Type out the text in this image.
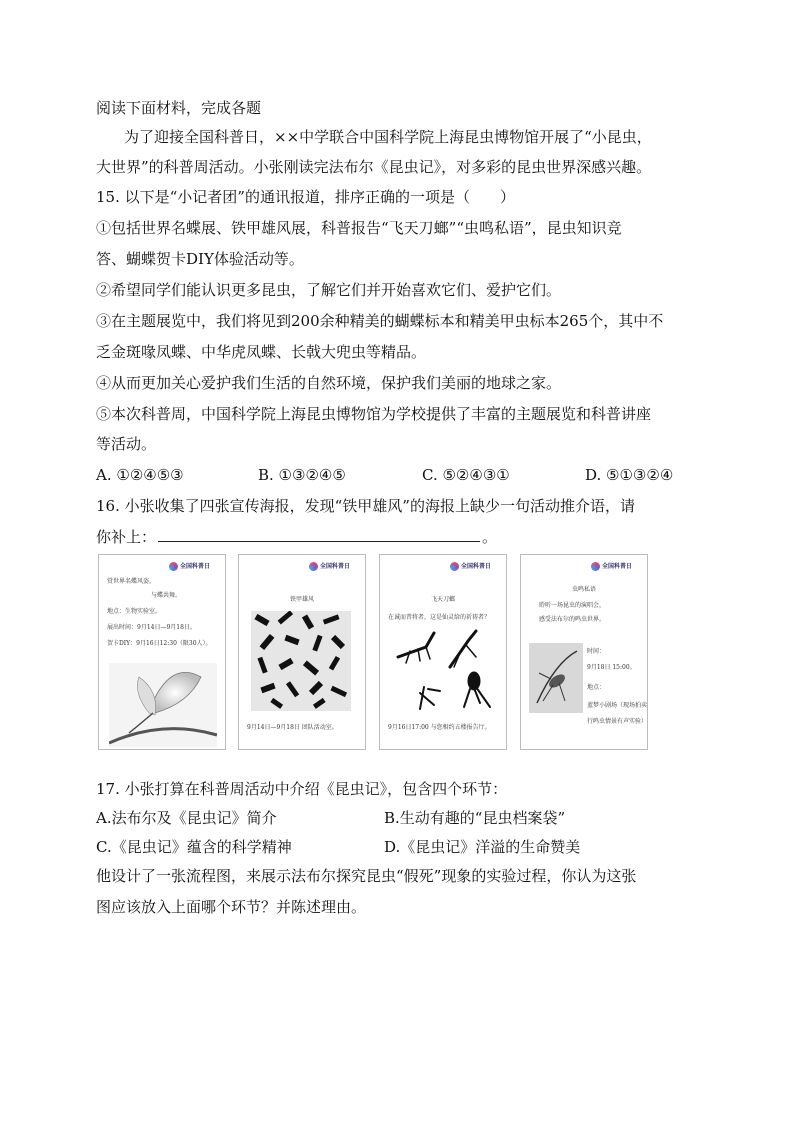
阅读下面材料，完成各题
为了迎接全国科普日，××中学联合中国科学院上海昆虫博物馆开展了“小昆虫，
大世界”的科普周活动。小张刚读完法布尔《昆虫记》，对多彩的昆虫世界深感兴趣。
15. 以下是“小记者团”的通讯报道，排序正确的一项是（　　）
①包括世界名蝶展、铁甲雄风展，科普报告“飞天刀螂”“虫鸣私语”，昆虫知识竞
答、蝴蝶贺卡DIY体验活动等。
②希望同学们能认识更多昆虫，了解它们并开始喜欢它们、爱护它们。
③在主题展览中，我们将见到200余种精美的蝴蝶标本和精美甲虫标本265个，其中不
乏金斑喙凤蝶、中华虎凤蝶、长戟大兜虫等精品。
④从而更加关心爱护我们生活的自然环境，保护我们美丽的地球之家。
⑤本次科普周，中国科学院上海昆虫博物馆为学校提供了丰富的主题展览和科普讲座
等活动。
A. ①②④⑤③	B. ①③②④⑤	C. ⑤②④③①	D. ⑤①③②④
16. 小张收集了四张宣传海报，发现“铁甲雄风”的海报上缺少一句活动推介语，请
你补上：	。
全国科普日
赏世界名蝶风姿，
与蝶共舞。
地点：生物实验室。
展出时间：9月14日—9月18日。
贺卡DIY：9月16日12:30（限30人）。
全国科普日
铁甲雄风
9月14日—9月18日 团队活动室。
全国科普日
飞天刀螂
在诚而昔将者，这是仙灵给的祈祷者？
9月16日17:00 与您相约五楼报告厅。
全国科普日
虫鸣私语
聆听一场昆虫的演唱会，
感受法布尔的鸣虫世界。
时间：
9月18日 15:00。
地点：
蓝梦小剧场（现场拍卖
行鸣虫情景有声实验）
17. 小张打算在科普周活动中介绍《昆虫记》，包含四个环节：
A.法布尔及《昆虫记》简介	B.生动有趣的“昆虫档案袋”
C.《昆虫记》蕴含的科学精神	D.《昆虫记》洋溢的生命赞美
他设计了一张流程图，来展示法布尔探究昆虫“假死”现象的实验过程，你认为这张
图应该放入上面哪个环节？并陈述理由。
